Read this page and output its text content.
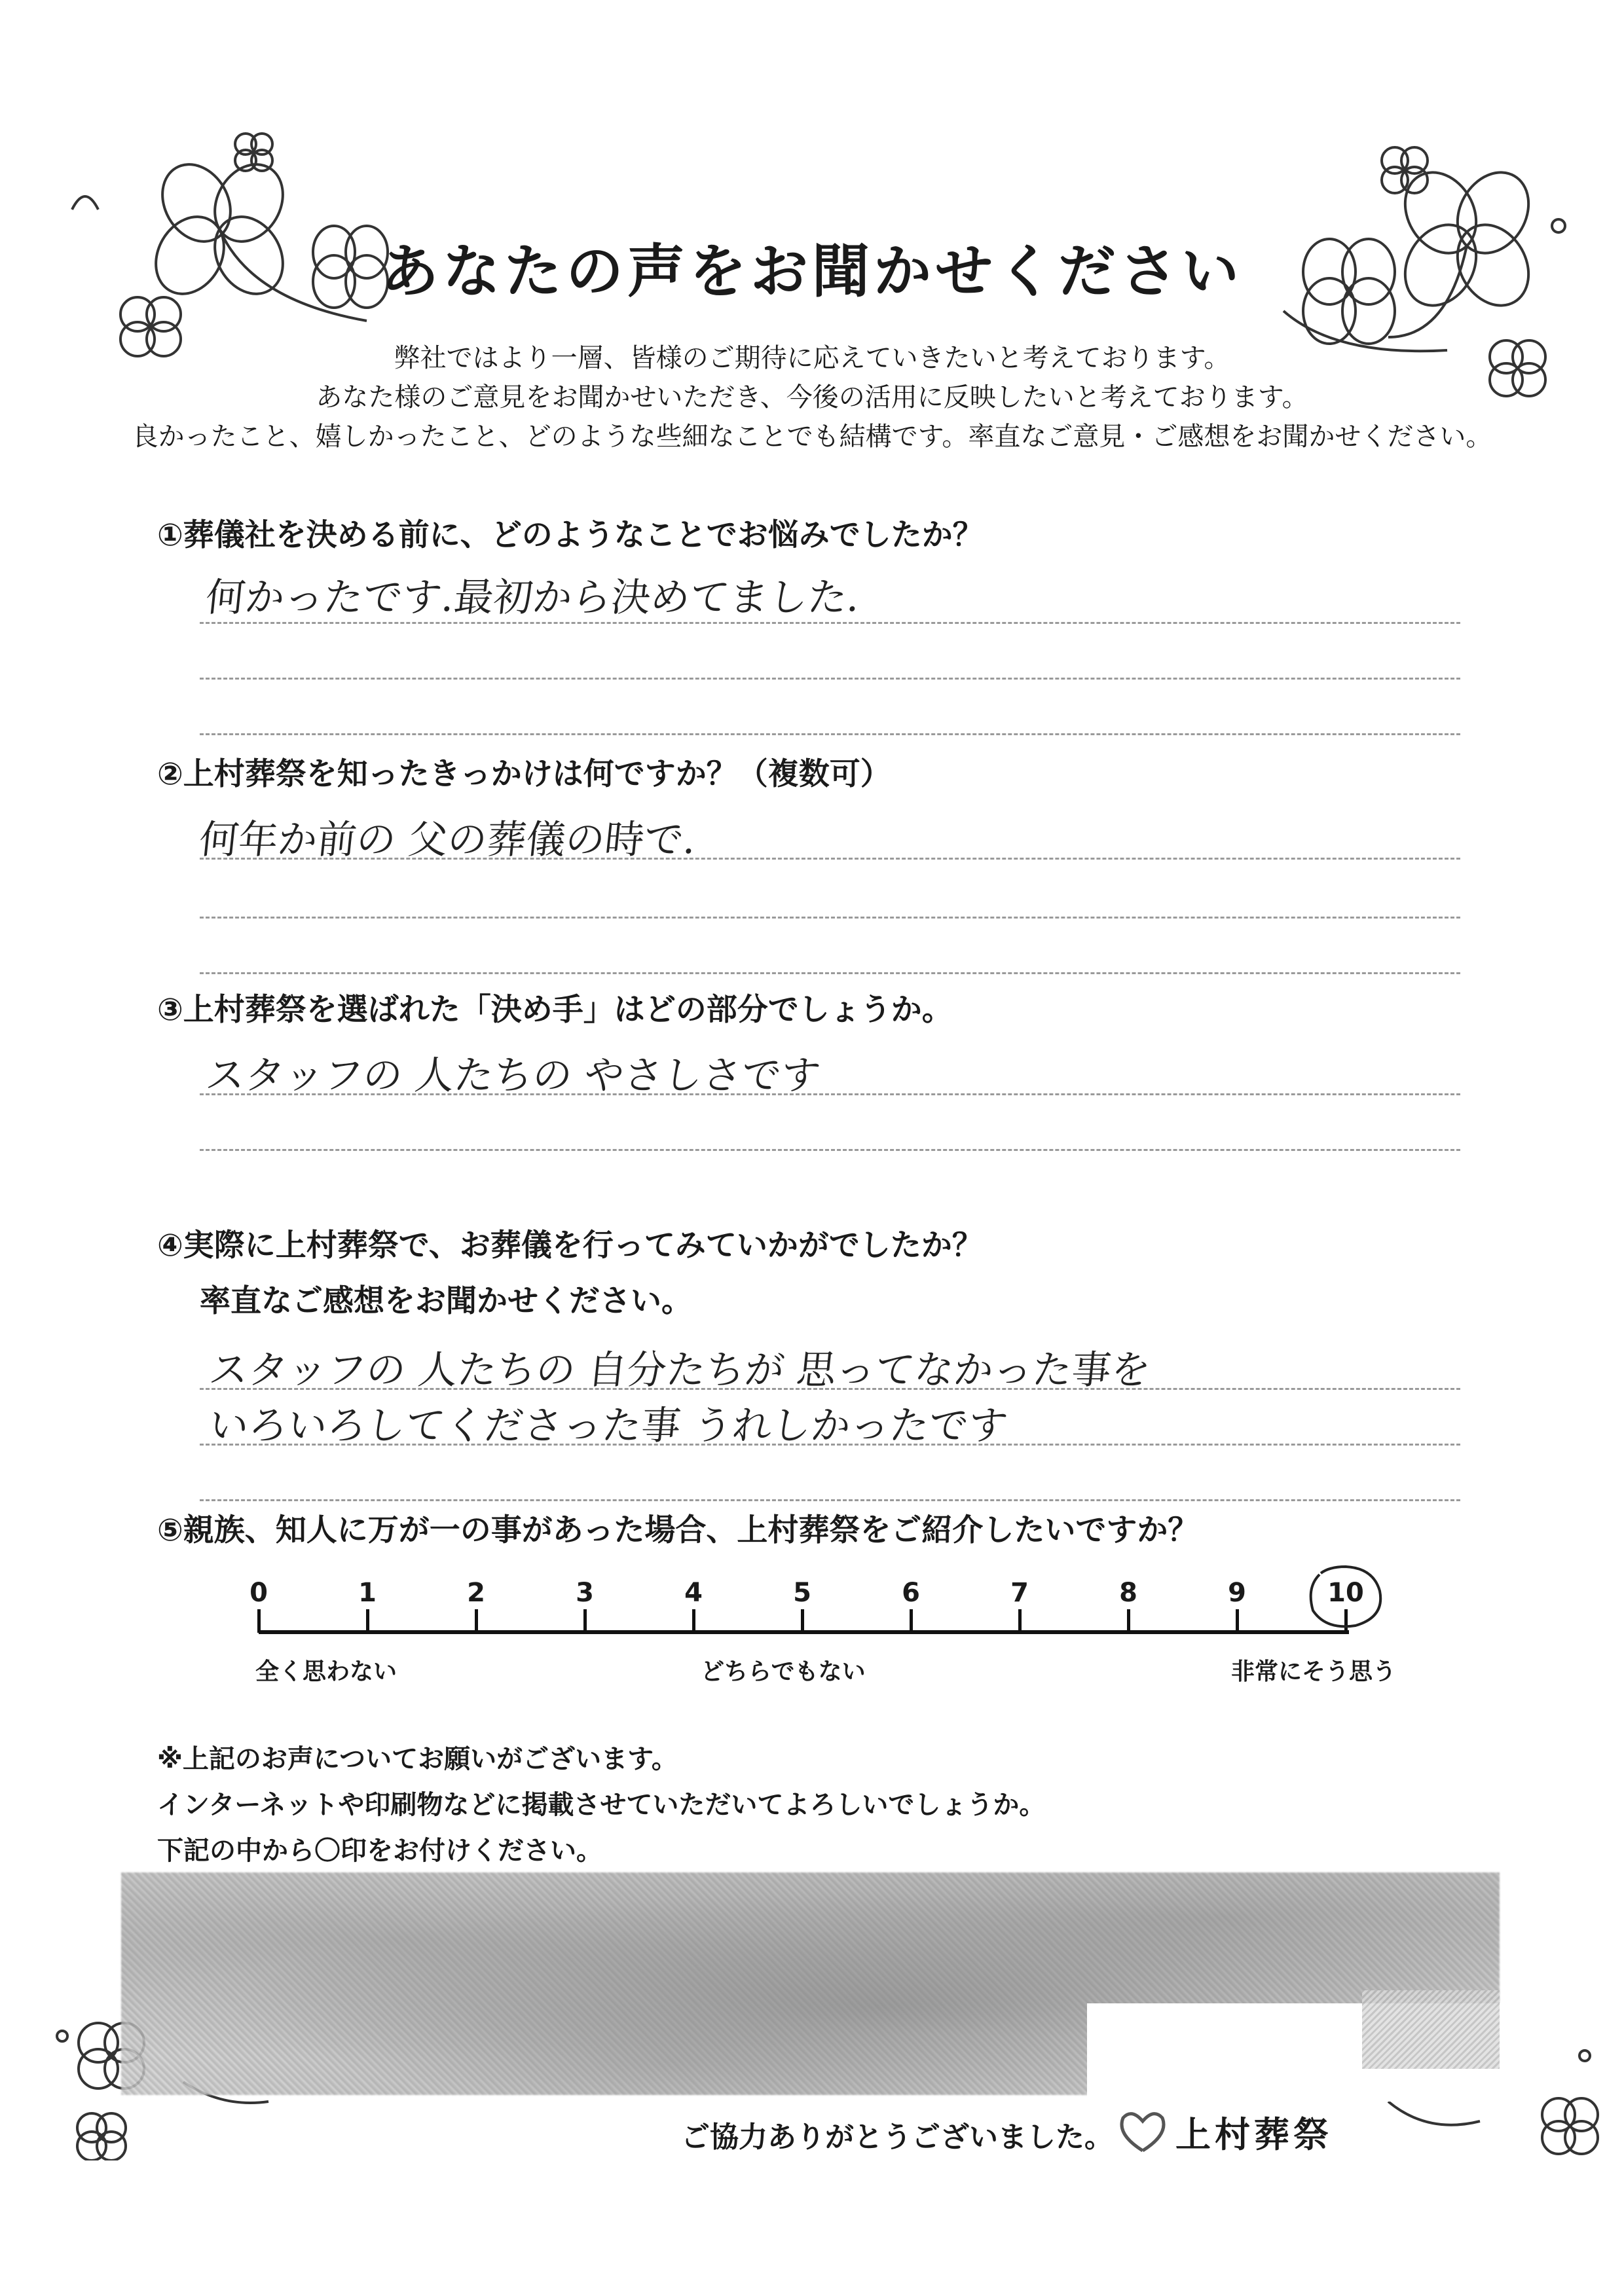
あなたの声をお聞かせください
弊社ではより一層、皆様のご期待に応えていきたいと考えております。
あなた様のご意見をお聞かせいただき、今後の活用に反映したいと考えております。
良かったこと、嬉しかったこと、どのような些細なことでも結構です。率直なご意見・ご感想をお聞かせください。
①葬儀社を決める前に、どのようなことでお悩みでしたか？
何かったです.最初から決めてました.
②上村葬祭を知ったきっかけは何ですか？（複数可）
何年か前の 父の葬儀の時で.
③上村葬祭を選ばれた「決め手」はどの部分でしょうか。
スタッフの 人たちの やさしさです
④実際に上村葬祭で、お葬儀を行ってみていかがでしたか？
率直なご感想をお聞かせください。
スタッフの 人たちの 自分たちが 思ってなかった事を
いろいろしてくださった事 うれしかったです
⑤親族、知人に万が一の事があった場合、上村葬祭をご紹介したいですか？
0	1	2	3	4	5	6	7	8	9	10
全く思わない	どちらでもない	非常にそう思う
※上記のお声についてお願いがございます。
インターネットや印刷物などに掲載させていただいてよろしいでしょうか。
下記の中から〇印をお付けください。
ご協力ありがとうございました。 上村葬祭
